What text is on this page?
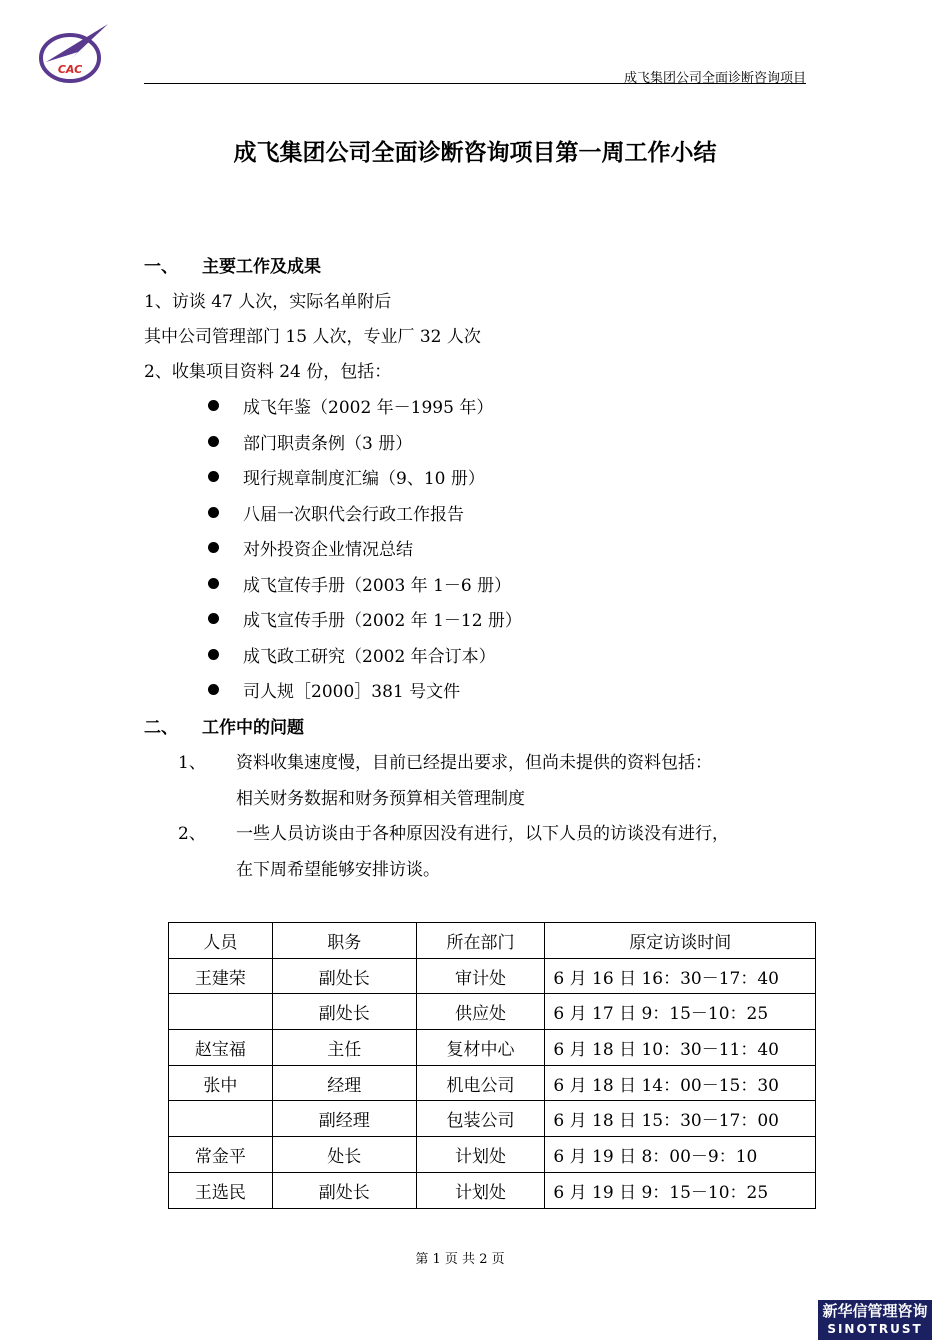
CAC
成飞集团公司全面诊断咨询项目
成飞集团公司全面诊断咨询项目第一周工作小结
一、 主要工作及成果
1、访谈 47 人次，实际名单附后
其中公司管理部门 15 人次，专业厂 32 人次
2、收集项目资料 24 份，包括：
成飞年鉴（2002 年－1995 年）
部门职责条例（3 册）
现行规章制度汇编（9、10 册）
八届一次职代会行政工作报告
对外投资企业情况总结
成飞宣传手册（2003 年 1－6 册）
成飞宣传手册（2002 年 1－12 册）
成飞政工研究（2002 年合订本）
司人规［2000］381 号文件
二、 工作中的问题
1、 资料收集速度慢，目前已经提出要求，但尚未提供的资料包括：
相关财务数据和财务预算相关管理制度
2、 一些人员访谈由于各种原因没有进行，以下人员的访谈没有进行，
在下周希望能够安排访谈。
人员	职务	所在部门	原定访谈时间
王建荣	副处长	审计处	6 月 16 日 16：30－17：40
	副处长	供应处	6 月 17 日 9：15－10：25
赵宝福	主任	复材中心	6 月 18 日 10：30－11：40
张中	经理	机电公司	6 月 18 日 14：00－15：30
	副经理	包装公司	6 月 18 日 15：30－17：00
常金平	处长	计划处	6 月 19 日 8：00－9：10
王选民	副处长	计划处	6 月 19 日 9：15－10：25
第 1 页 共 2 页
新华信管理咨询
SINOTRUST
